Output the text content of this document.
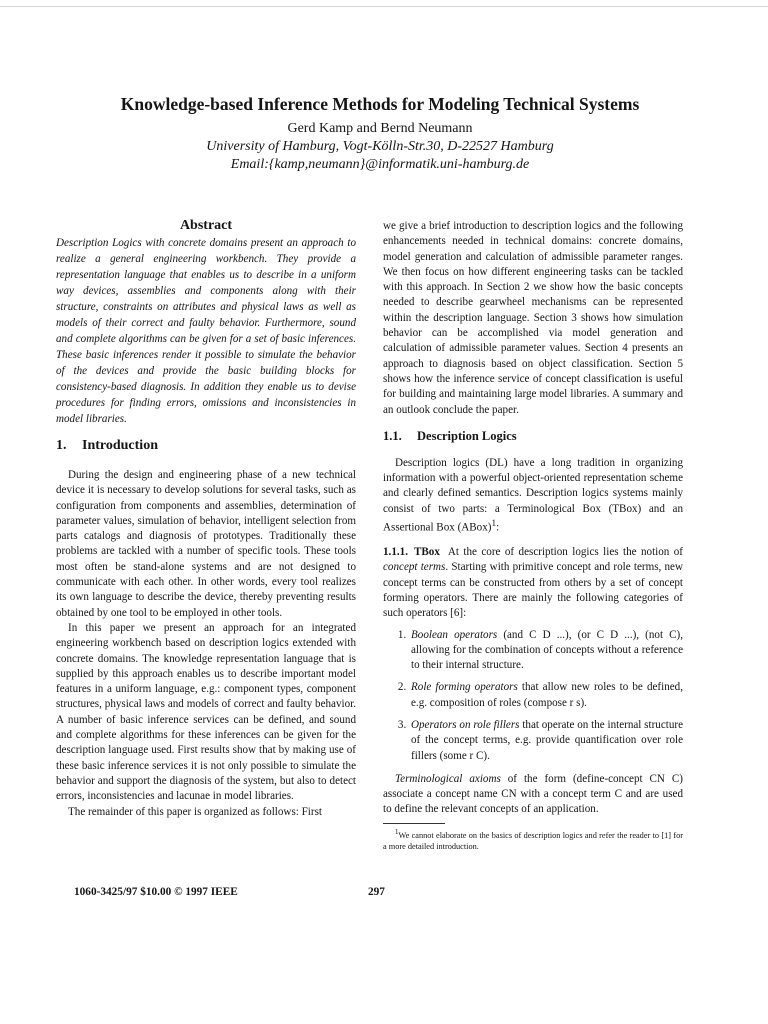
Knowledge-based Inference Methods for Modeling Technical Systems
Gerd Kamp and Bernd Neumann
University of Hamburg, Vogt-Kölln-Str.30, D-22527 Hamburg
Email:{kamp,neumann}@informatik.uni-hamburg.de
Abstract

Description Logics with concrete domains present an approach to realize a general engineering workbench. They provide a representation language that enables us to describe in a uniform way devices, assemblies and components along with their structure, constraints on attributes and physical laws as well as models of their correct and faulty behavior. Furthermore, sound and complete algorithms can be given for a set of basic inferences. These basic inferences render it possible to simulate the behavior of the devices and provide the basic building blocks for consistency-based diagnosis. In addition they enable us to devise procedures for finding errors, omissions and inconsistencies in model libraries.

1. Introduction

During the design and engineering phase of a new technical device it is necessary to develop solutions for several tasks, such as configuration from components and assemblies, determination of parameter values, simulation of behavior, intelligent selection from parts catalogs and diagnosis of prototypes. Traditionally these problems are tackled with a number of specific tools. These tools most often be stand-alone systems and are not designed to communicate with each other. In other words, every tool realizes its own language to describe the device, thereby preventing results obtained by one tool to be employed in other tools.

In this paper we present an approach for an integrated engineering workbench based on description logics extended with concrete domains. The knowledge representation language that is supplied by this approach enables us to describe important model features in a uniform language, e.g.: component types, component structures, physical laws and models of correct and faulty behavior. A number of basic inference services can be defined, and sound and complete algorithms for these inferences can be given for the description language used. First results show that by making use of these basic inference services it is not only possible to simulate the behavior and support the diagnosis of the system, but also to detect errors, inconsistencies and lacunae in model libraries.

The remainder of this paper is organized as follows: First

we give a brief introduction to description logics and the following enhancements needed in technical domains: concrete domains, model generation and calculation of admissible parameter ranges. We then focus on how different engineering tasks can be tackled with this approach. In Section 2 we show how the basic concepts needed to describe gearwheel mechanisms can be represented within the description language. Section 3 shows how simulation behavior can be accomplished via model generation and calculation of admissible parameter values. Section 4 presents an approach to diagnosis based on object classification. Section 5 shows how the inference service of concept classification is useful for building and maintaining large model libraries. A summary and an outlook conclude the paper.

1.1. Description Logics

Description logics (DL) have a long tradition in organizing information with a powerful object-oriented representation scheme and clearly defined semantics. Description logics systems mainly consist of two parts: a Terminological Box (TBox) and an Assertional Box (ABox)$^1$:

1.1.1. TBox At the core of description logics lies the notion of concept terms. Starting with primitive concept and role terms, new concept terms can be constructed from others by a set of concept forming operators. There are mainly the following categories of such operators [6]:

1. Boolean operators (and C D ...), (or C D ...), (not C), allowing for the combination of concepts without a reference to their internal structure.
2. Role forming operators that allow new roles to be defined, e.g. composition of roles (compose r s).
3. Operators on role fillers that operate on the internal structure of the concept terms, e.g. provide quantification over role fillers (some r C).

Terminological axioms of the form (define-concept CN C) associate a concept name CN with a concept term C and are used to define the relevant concepts of an application.

$^1$We cannot elaborate on the basics of description logics and refer the reader to [1] for a more detailed introduction.

1060-3425/97 $10.00 © 1997 IEEE	297
